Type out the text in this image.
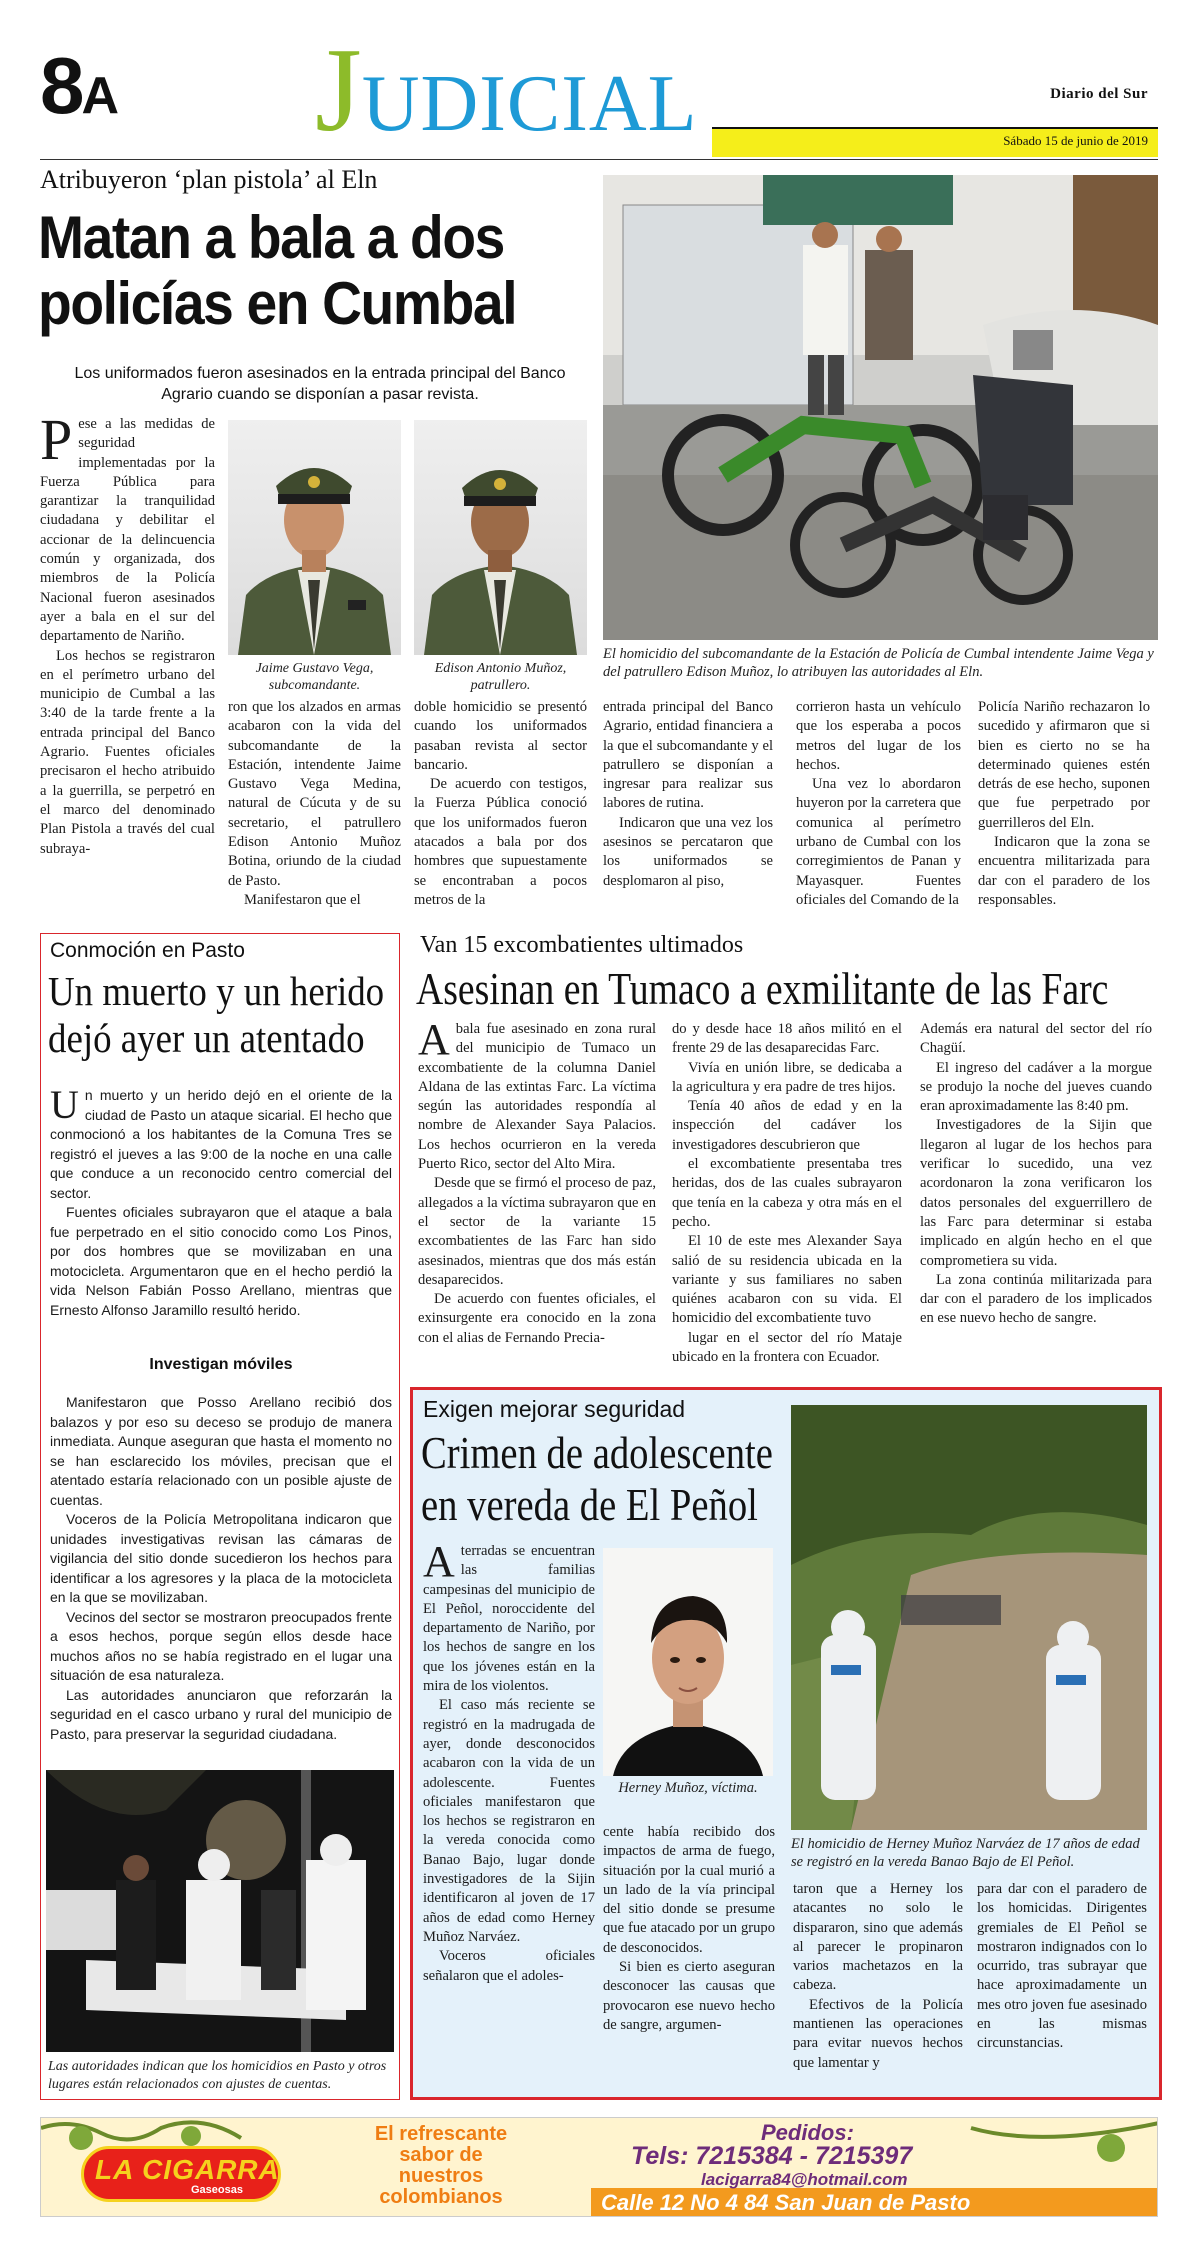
8A JUDICIAL	Diario del Sur
Sábado 15 de junio de 2019
Atribuyeron ‘plan pistola’ al Eln
Matan a bala a dos
policías en Cumbal
Los uniformados fueron asesinados en la entrada principal del Banco Agrario cuando se disponían a pasar revista.

Pese a las medidas de seguridad implementadas por la Fuerza Pública para garantizar la tranquilidad ciudadana y debilitar el accionar de la delincuencia común y organizada, dos miembros de la Policía Nacional fueron asesinados ayer a bala en el sur del departamento de Nariño.

Los hechos se registraron en el perímetro urbano del municipio de Cumbal a las 3:40 de la tarde frente a la entrada principal del Banco Agrario. Fuentes oficiales precisaron el hecho atribuido a la guerrilla, se perpetró en el marco del denominado Plan Pistola a través del cual subraya-

Jaime Gustavo Vega, subcomandante.
Edison Antonio Muñoz, patrullero.

ron que los alzados en armas acabaron con la vida del subcomandante de la Estación, intendente Jaime Gustavo Vega Medina, natural de Cúcuta y de su secretario, el patrullero Edison Antonio Muñoz Botina, oriundo de la ciudad de Pasto.

Manifestaron que el

doble homicidio se presentó cuando los uniformados pasaban revista al sector bancario.

De acuerdo con testigos, la Fuerza Pública conoció que los uniformados fueron atacados a bala por dos hombres que supuestamente se encontraban a pocos metros de la

El homicidio del subcomandante de la Estación de Policía de Cumbal intendente Jaime Vega y del patrullero Edison Muñoz, lo atribuyen las autoridades al Eln.

entrada principal del Banco Agrario, entidad financiera a la que el subcomandante y el patrullero se disponían a ingresar para realizar sus labores de rutina.

Indicaron que una vez los asesinos se percataron que los uniformados se desplomaron al piso,

corrieron hasta un vehículo que los esperaba a pocos metros del lugar de los hechos.

Una vez lo abordaron huyeron por la carretera que comunica al perímetro urbano de Cumbal con los corregimientos de Panan y Mayasquer. Fuentes oficiales del Comando de la

Policía Nariño rechazaron lo sucedido y afirmaron que si bien es cierto no se ha determinado quienes estén detrás de ese hecho, suponen que fue perpetrado por guerrilleros del Eln.

Indicaron que la zona se encuentra militarizada para dar con el paradero de los responsables.

Conmoción en Pasto
Un muerto y un herido
dejó ayer un atentado

Un muerto y un herido dejó en el oriente de la ciudad de Pasto un ataque sicarial. El hecho que conmocionó a los habitantes de la Comuna Tres se registró el jueves a las 9:00 de la noche en una calle que conduce a un reconocido centro comercial del sector.

Fuentes oficiales subrayaron que el ataque a bala fue perpetrado en el sitio conocido como Los Pinos, por dos hombres que se movilizaban en una motocicleta. Argumentaron que en el hecho perdió la vida Nelson Fabián Posso Arellano, mientras que Ernesto Alfonso Jaramillo resultó herido.

Investigan móviles

Manifestaron que Posso Arellano recibió dos balazos y por eso su deceso se produjo de manera inmediata. Aunque aseguran que hasta el momento no se han esclarecido los móviles, precisan que el atentado estaría relacionado con un posible ajuste de cuentas.

Voceros de la Policía Metropolitana indicaron que unidades investigativas revisan las cámaras de vigilancia del sitio donde sucedieron los hechos para identificar a los agresores y la placa de la motocicleta en la que se movilizaban.

Vecinos del sector se mostraron preocupados frente a esos hechos, porque según ellos desde hace muchos años no se había registrado en el lugar una situación de esa naturaleza.

Las autoridades anunciaron que reforzarán la seguridad en el casco urbano y rural del municipio de Pasto, para preservar la seguridad ciudadana.

Las autoridades indican que los homicidios en Pasto y otros lugares están relacionados con ajustes de cuentas.
Van 15 excombatientes ultimados
Asesinan en Tumaco a exmilitante de las Farc

Abala fue asesinado en zona rural del municipio de Tumaco un excombatiente de la columna Daniel Aldana de las extintas Farc. La víctima según las autoridades respondía al nombre de Alexander Saya Palacios. Los hechos ocurrieron en la vereda Puerto Rico, sector del Alto Mira.

Desde que se firmó el proceso de paz, allegados a la víctima subrayaron que en el sector de la variante 15 excombatientes de las Farc han sido asesinados, mientras que dos más están desaparecidos.

De acuerdo con fuentes oficiales, el exinsurgente era conocido en la zona con el alias de Fernando Precia-

do y desde hace 18 años militó en el frente 29 de las desaparecidas Farc.

Vivía en unión libre, se dedicaba a la agricultura y era padre de tres hijos.

Tenía 40 años de edad y en la inspección del cadáver los investigadores descubrieron que

el excombatiente presentaba tres heridas, dos de las cuales subrayaron que tenía en la cabeza y otra más en el pecho.

El 10 de este mes Alexander Saya salió de su residencia ubicada en la variante y sus familiares no saben quiénes acabaron con su vida. El homicidio del excombatiente tuvo

lugar en el sector del río Mataje ubicado en la frontera con Ecuador.

Además era natural del sector del río Chagüí.

El ingreso del cadáver a la morgue se produjo la noche del jueves cuando eran aproximadamente las 8:40 pm.

Investigadores de la Sijin que llegaron al lugar de los hechos para verificar lo sucedido, una vez acordonaron la zona verificaron los datos personales del exguerrillero de las Farc para determinar si estaba implicado en algún hecho en el que comprometiera su vida.

La zona continúa militarizada para dar con el paradero de los implicados en ese nuevo hecho de sangre.

Exigen mejorar seguridad
Crimen de adolescente
en vereda de El Peñol

Aterradas se encuentran las familias campesinas del municipio de El Peñol, noroccidente del departamento de Nariño, por los hechos de sangre en los que los jóvenes están en la mira de los violentos.

El caso más reciente se registró en la madrugada de ayer, donde desconocidos acabaron con la vida de un adolescente. Fuentes oficiales manifestaron que los hechos se registraron en la vereda conocida como Banao Bajo, lugar donde investigadores de la Sijin identificaron al joven de 17 años de edad como Herney Muñoz Narváez.

Voceros oficiales señalaron que el adoles-

Herney Muñoz, víctima.

cente había recibido dos impactos de arma de fuego, situación por la cual murió a un lado de la vía principal del sitio donde se presume que fue atacado por un grupo de desconocidos.

Si bien es cierto aseguran desconocer las causas que provocaron ese nuevo hecho de sangre, argumen-

El homicidio de Herney Muñoz Narváez de 17 años de edad se registró en la vereda Banao Bajo de El Peñol.

taron que a Herney los atacantes no solo le dispararon, sino que además al parecer le propinaron varios machetazos en la cabeza.

Efectivos de la Policía mantienen las operaciones para evitar nuevos hechos que lamentar y

para dar con el paradero de los homicidas. Dirigentes gremiales de El Peñol se mostraron indignados con lo ocurrido, tras subrayar que hace aproximadamente un mes otro joven fue asesinado en las mismas circunstancias.

LA CIGARRA
Gaseosas
El refrescante
sabor de
nuestros
colombianos
Pedidos:
Tels: 7215384 - 7215397
lacigarra84@hotmail.com
Calle 12 No 4 84 San Juan de Pasto
